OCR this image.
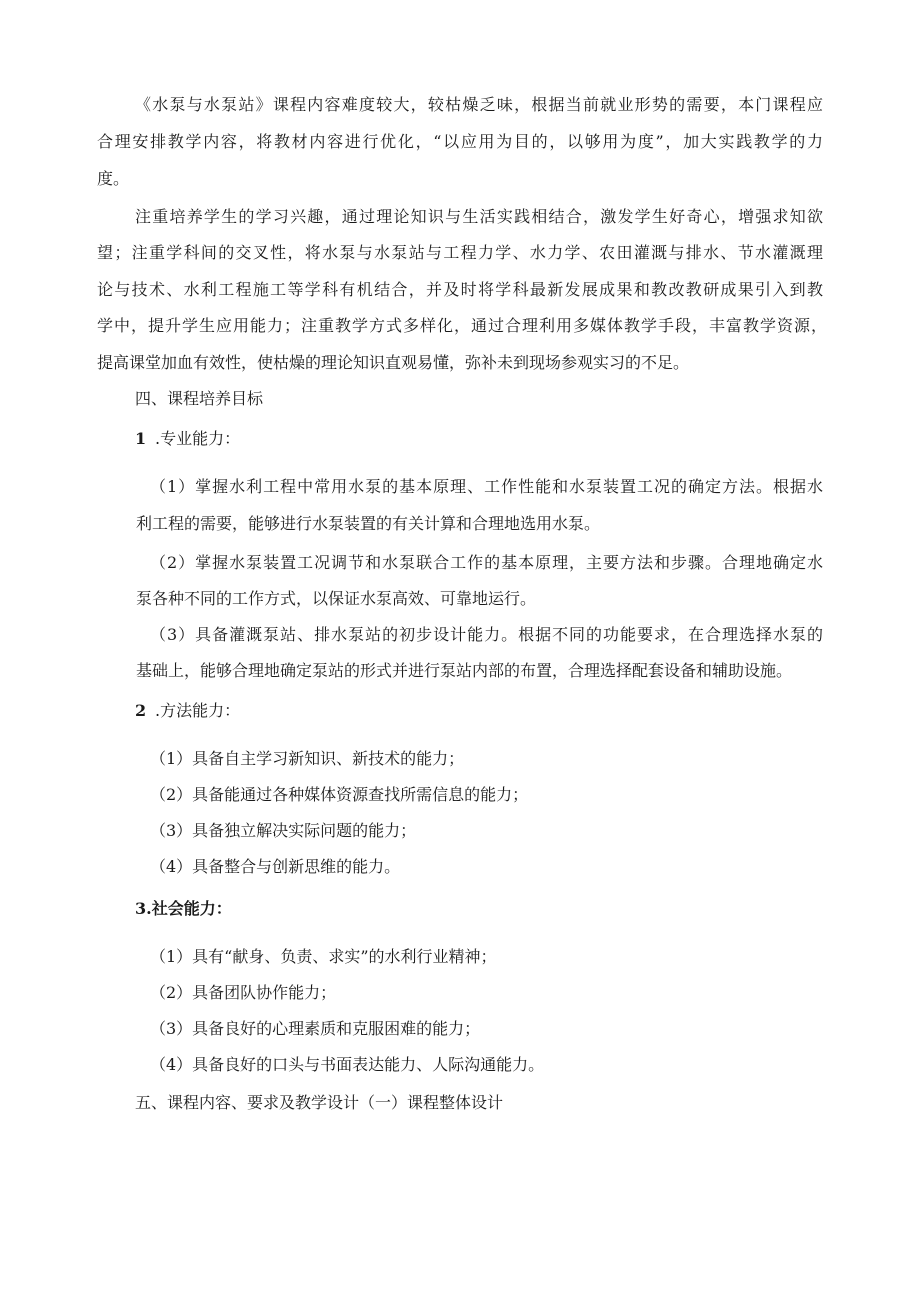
《水泵与水泵站》课程内容难度较大，较枯燥乏味，根据当前就业形势的需要，本门课程应
合理安排教学内容，将教材内容进行优化，“以应用为目的，以够用为度”，加大实践教学的力
度。
注重培养学生的学习兴趣，通过理论知识与生活实践相结合，激发学生好奇心，增强求知欲
望；注重学科间的交叉性，将水泵与水泵站与工程力学、水力学、农田灌溉与排水、节水灌溉理
论与技术、水利工程施工等学科有机结合，并及时将学科最新发展成果和教改教研成果引入到教
学中，提升学生应用能力；注重教学方式多样化，通过合理利用多媒体教学手段，丰富教学资源，
提高课堂加血有效性，使枯燥的理论知识直观易懂，弥补未到现场参观实习的不足。
四、课程培养目标
1 .专业能力：
（1）掌握水利工程中常用水泵的基本原理、工作性能和水泵装置工况的确定方法。根据水
利工程的需要，能够进行水泵装置的有关计算和合理地选用水泵。
（2）掌握水泵装置工况调节和水泵联合工作的基本原理，主要方法和步骤。合理地确定水
泵各种不同的工作方式，以保证水泵高效、可靠地运行。
（3）具备灌溉泵站、排水泵站的初步设计能力。根据不同的功能要求，在合理选择水泵的
基础上，能够合理地确定泵站的形式并进行泵站内部的布置，合理选择配套设备和辅助设施。
2 .方法能力：
（1）具备自主学习新知识、新技术的能力；
（2）具备能通过各种媒体资源查找所需信息的能力；
（3）具备独立解决实际问题的能力；
（4）具备整合与创新思维的能力。
3.社会能力：
（1）具有“献身、负责、求实”的水利行业精神；
（2）具备团队协作能力；
（3）具备良好的心理素质和克服困难的能力；
（4）具备良好的口头与书面表达能力、人际沟通能力。
五、课程内容、要求及教学设计（一）课程整体设计
